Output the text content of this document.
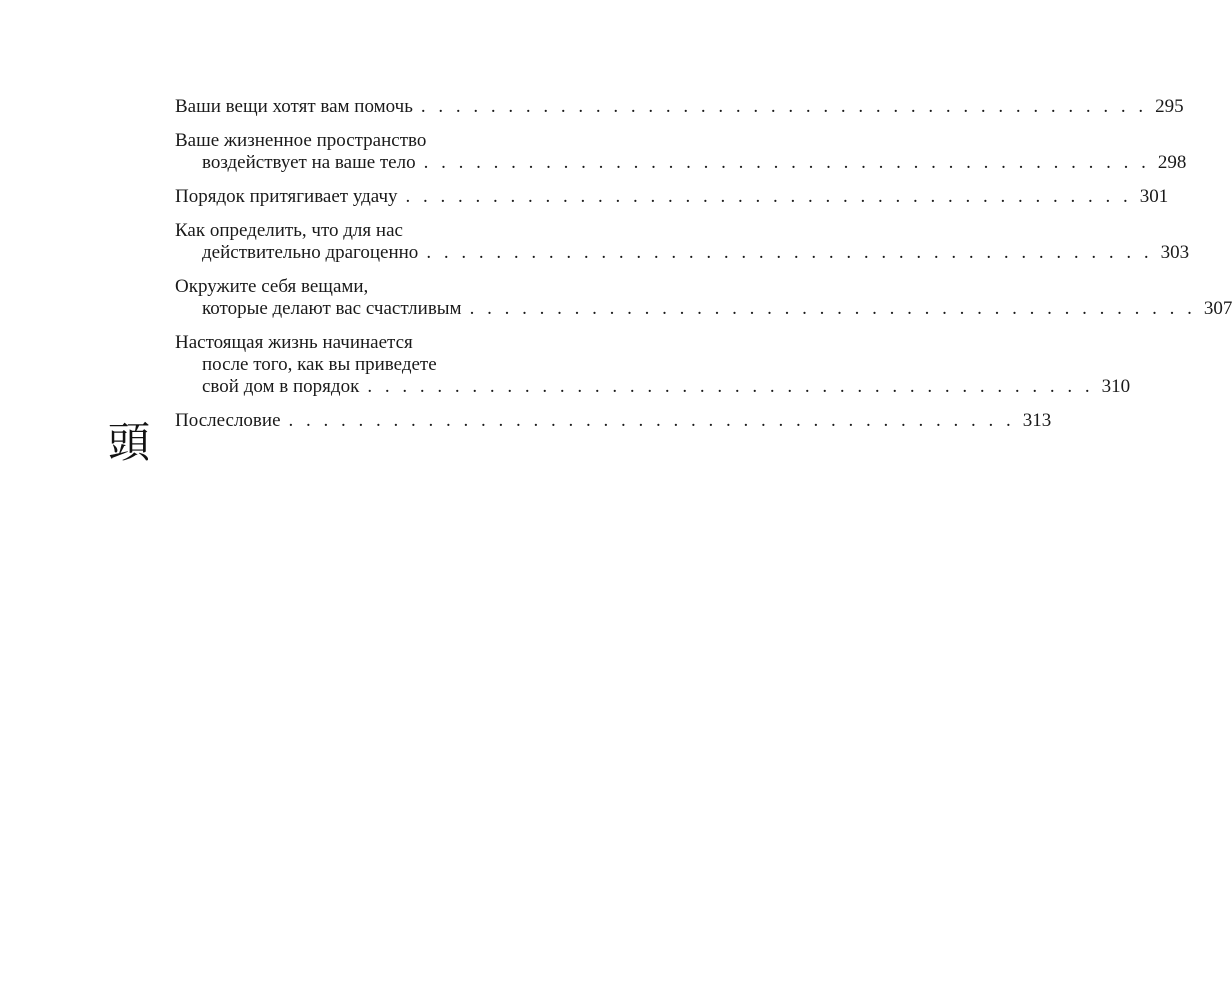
Ваши вещи хотят вам помочь . . . . . . . . . . . . . . . . . . . . . . . . . . . . . . . . . . . . . . . . . . 295
Ваше жизненное пространство
воздействует на ваше тело . . . . . . . . . . . . . . . . . . . . . . . . . . . . . . . . . . . . . . . . . . 298
Порядок притягивает удачу . . . . . . . . . . . . . . . . . . . . . . . . . . . . . . . . . . . . . . . . . . 301
Как определить, что для нас
действительно драгоценно . . . . . . . . . . . . . . . . . . . . . . . . . . . . . . . . . . . . . . . . . . 303
Окружите себя вещами,
которые делают вас счастливым . . . . . . . . . . . . . . . . . . . . . . . . . . . . . . . . . . . . . . . . . . 307
Настоящая жизнь начинается
после того, как вы приведете
свой дом в порядок . . . . . . . . . . . . . . . . . . . . . . . . . . . . . . . . . . . . . . . . . . 310
Послесловие . . . . . . . . . . . . . . . . . . . . . . . . . . . . . . . . . . . . . . . . . . 313
頭
